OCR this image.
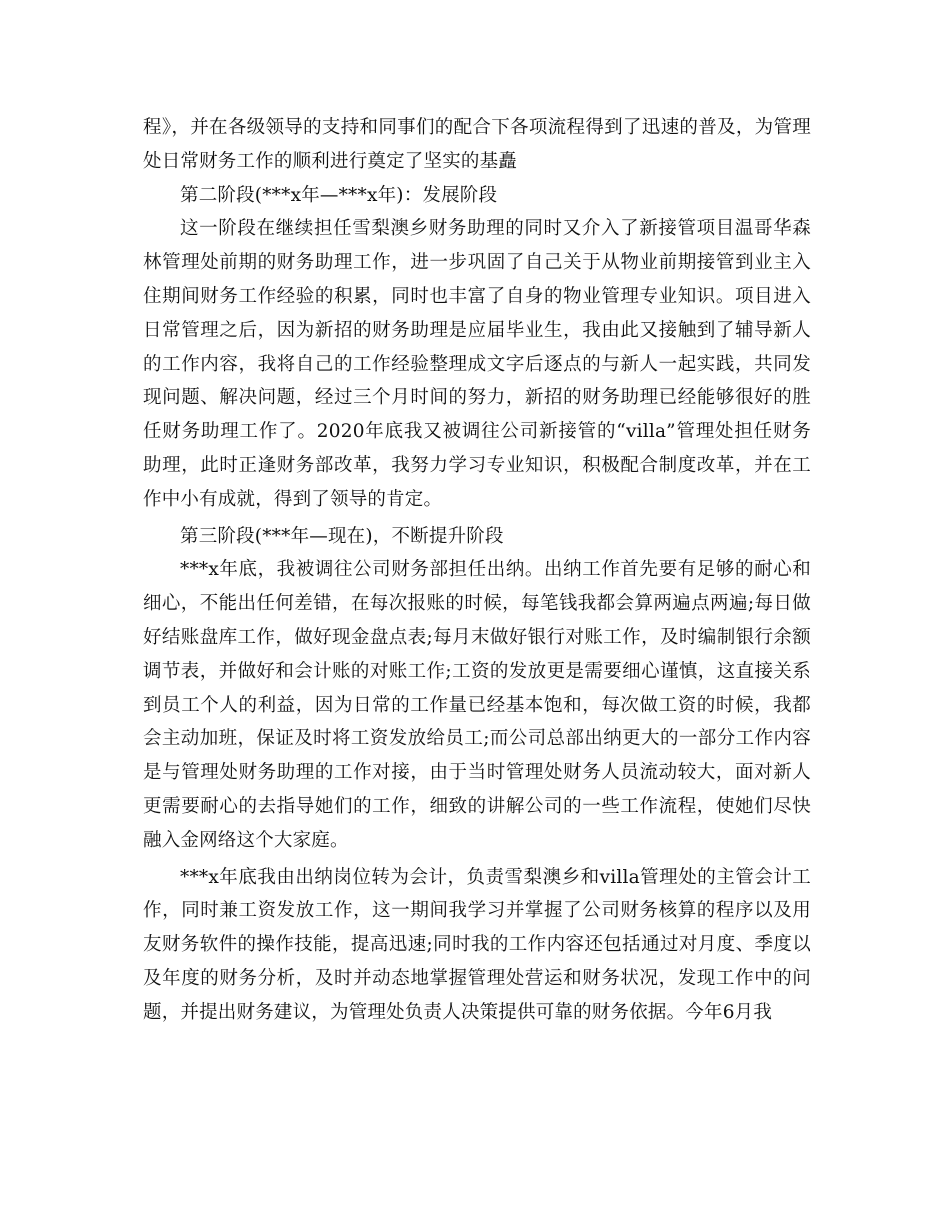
程》，并在各级领导的支持和同事们的配合下各项流程得到了迅速的普及，为管理处日常财务工作的顺利进行奠定了坚实的基矗

第二阶段(***x年—***x年)：发展阶段

这一阶段在继续担任雪梨澳乡财务助理的同时又介入了新接管项目温哥华森林管理处前期的财务助理工作，进一步巩固了自己关于从物业前期接管到业主入住期间财务工作经验的积累，同时也丰富了自身的物业管理专业知识。项目进入日常管理之后，因为新招的财务助理是应届毕业生，我由此又接触到了辅导新人的工作内容，我将自己的工作经验整理成文字后逐点的与新人一起实践，共同发现问题、解决问题，经过三个月时间的努力，新招的财务助理已经能够很好的胜任财务助理工作了。2020年底我又被调往公司新接管的“villa”管理处担任财务助理，此时正逢财务部改革，我努力学习专业知识，积极配合制度改革，并在工作中小有成就，得到了领导的肯定。

第三阶段(***年—现在)，不断提升阶段

***x年底，我被调往公司财务部担任出纳。出纳工作首先要有足够的耐心和细心，不能出任何差错，在每次报账的时候，每笔钱我都会算两遍点两遍;每日做好结账盘库工作，做好现金盘点表;每月末做好银行对账工作，及时编制银行余额调节表，并做好和会计账的对账工作;工资的发放更是需要细心谨慎，这直接关系到员工个人的利益，因为日常的工作量已经基本饱和，每次做工资的时候，我都会主动加班，保证及时将工资发放给员工;而公司总部出纳更大的一部分工作内容是与管理处财务助理的工作对接，由于当时管理处财务人员流动较大，面对新人更需要耐心的去指导她们的工作，细致的讲解公司的一些工作流程，使她们尽快融入金网络这个大家庭。

***x年底我由出纳岗位转为会计，负责雪梨澳乡和villa管理处的主管会计工作，同时兼工资发放工作，这一期间我学习并掌握了公司财务核算的程序以及用友财务软件的操作技能，提高迅速;同时我的工作内容还包括通过对月度、季度以及年度的财务分析，及时并动态地掌握管理处营运和财务状况，发现工作中的问题，并提出财务建议，为管理处负责人决策提供可靠的财务依据。今年6月我
